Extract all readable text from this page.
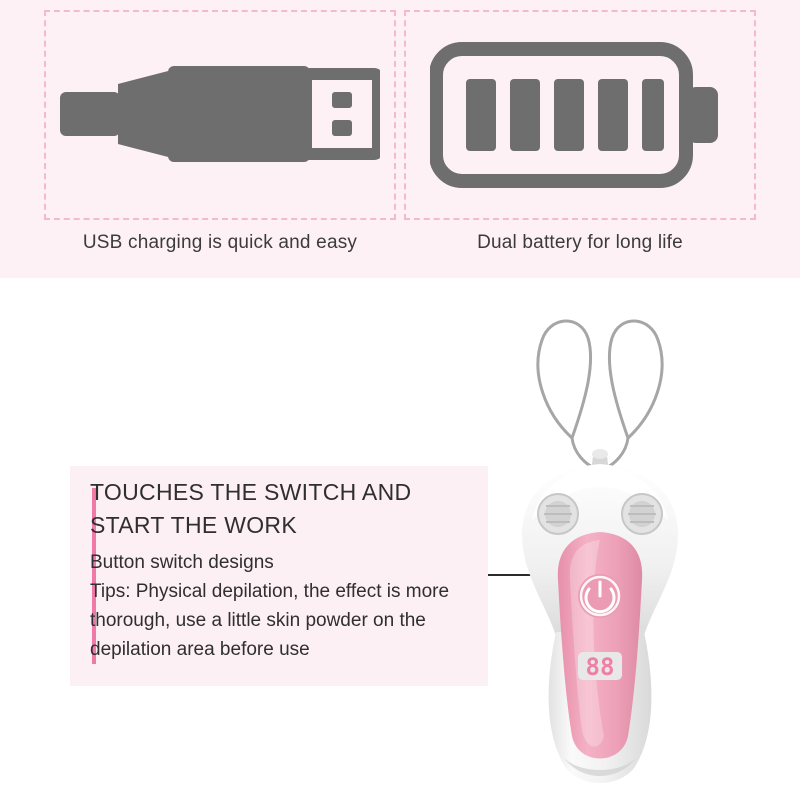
USB charging is quick and easy	Dual battery for long life
TOUCHES THE SWITCH AND START THE WORK
Button switch designs
Tips: Physical depilation, the effect is more
thorough, use a little skin powder on the
depilation area before use
88
